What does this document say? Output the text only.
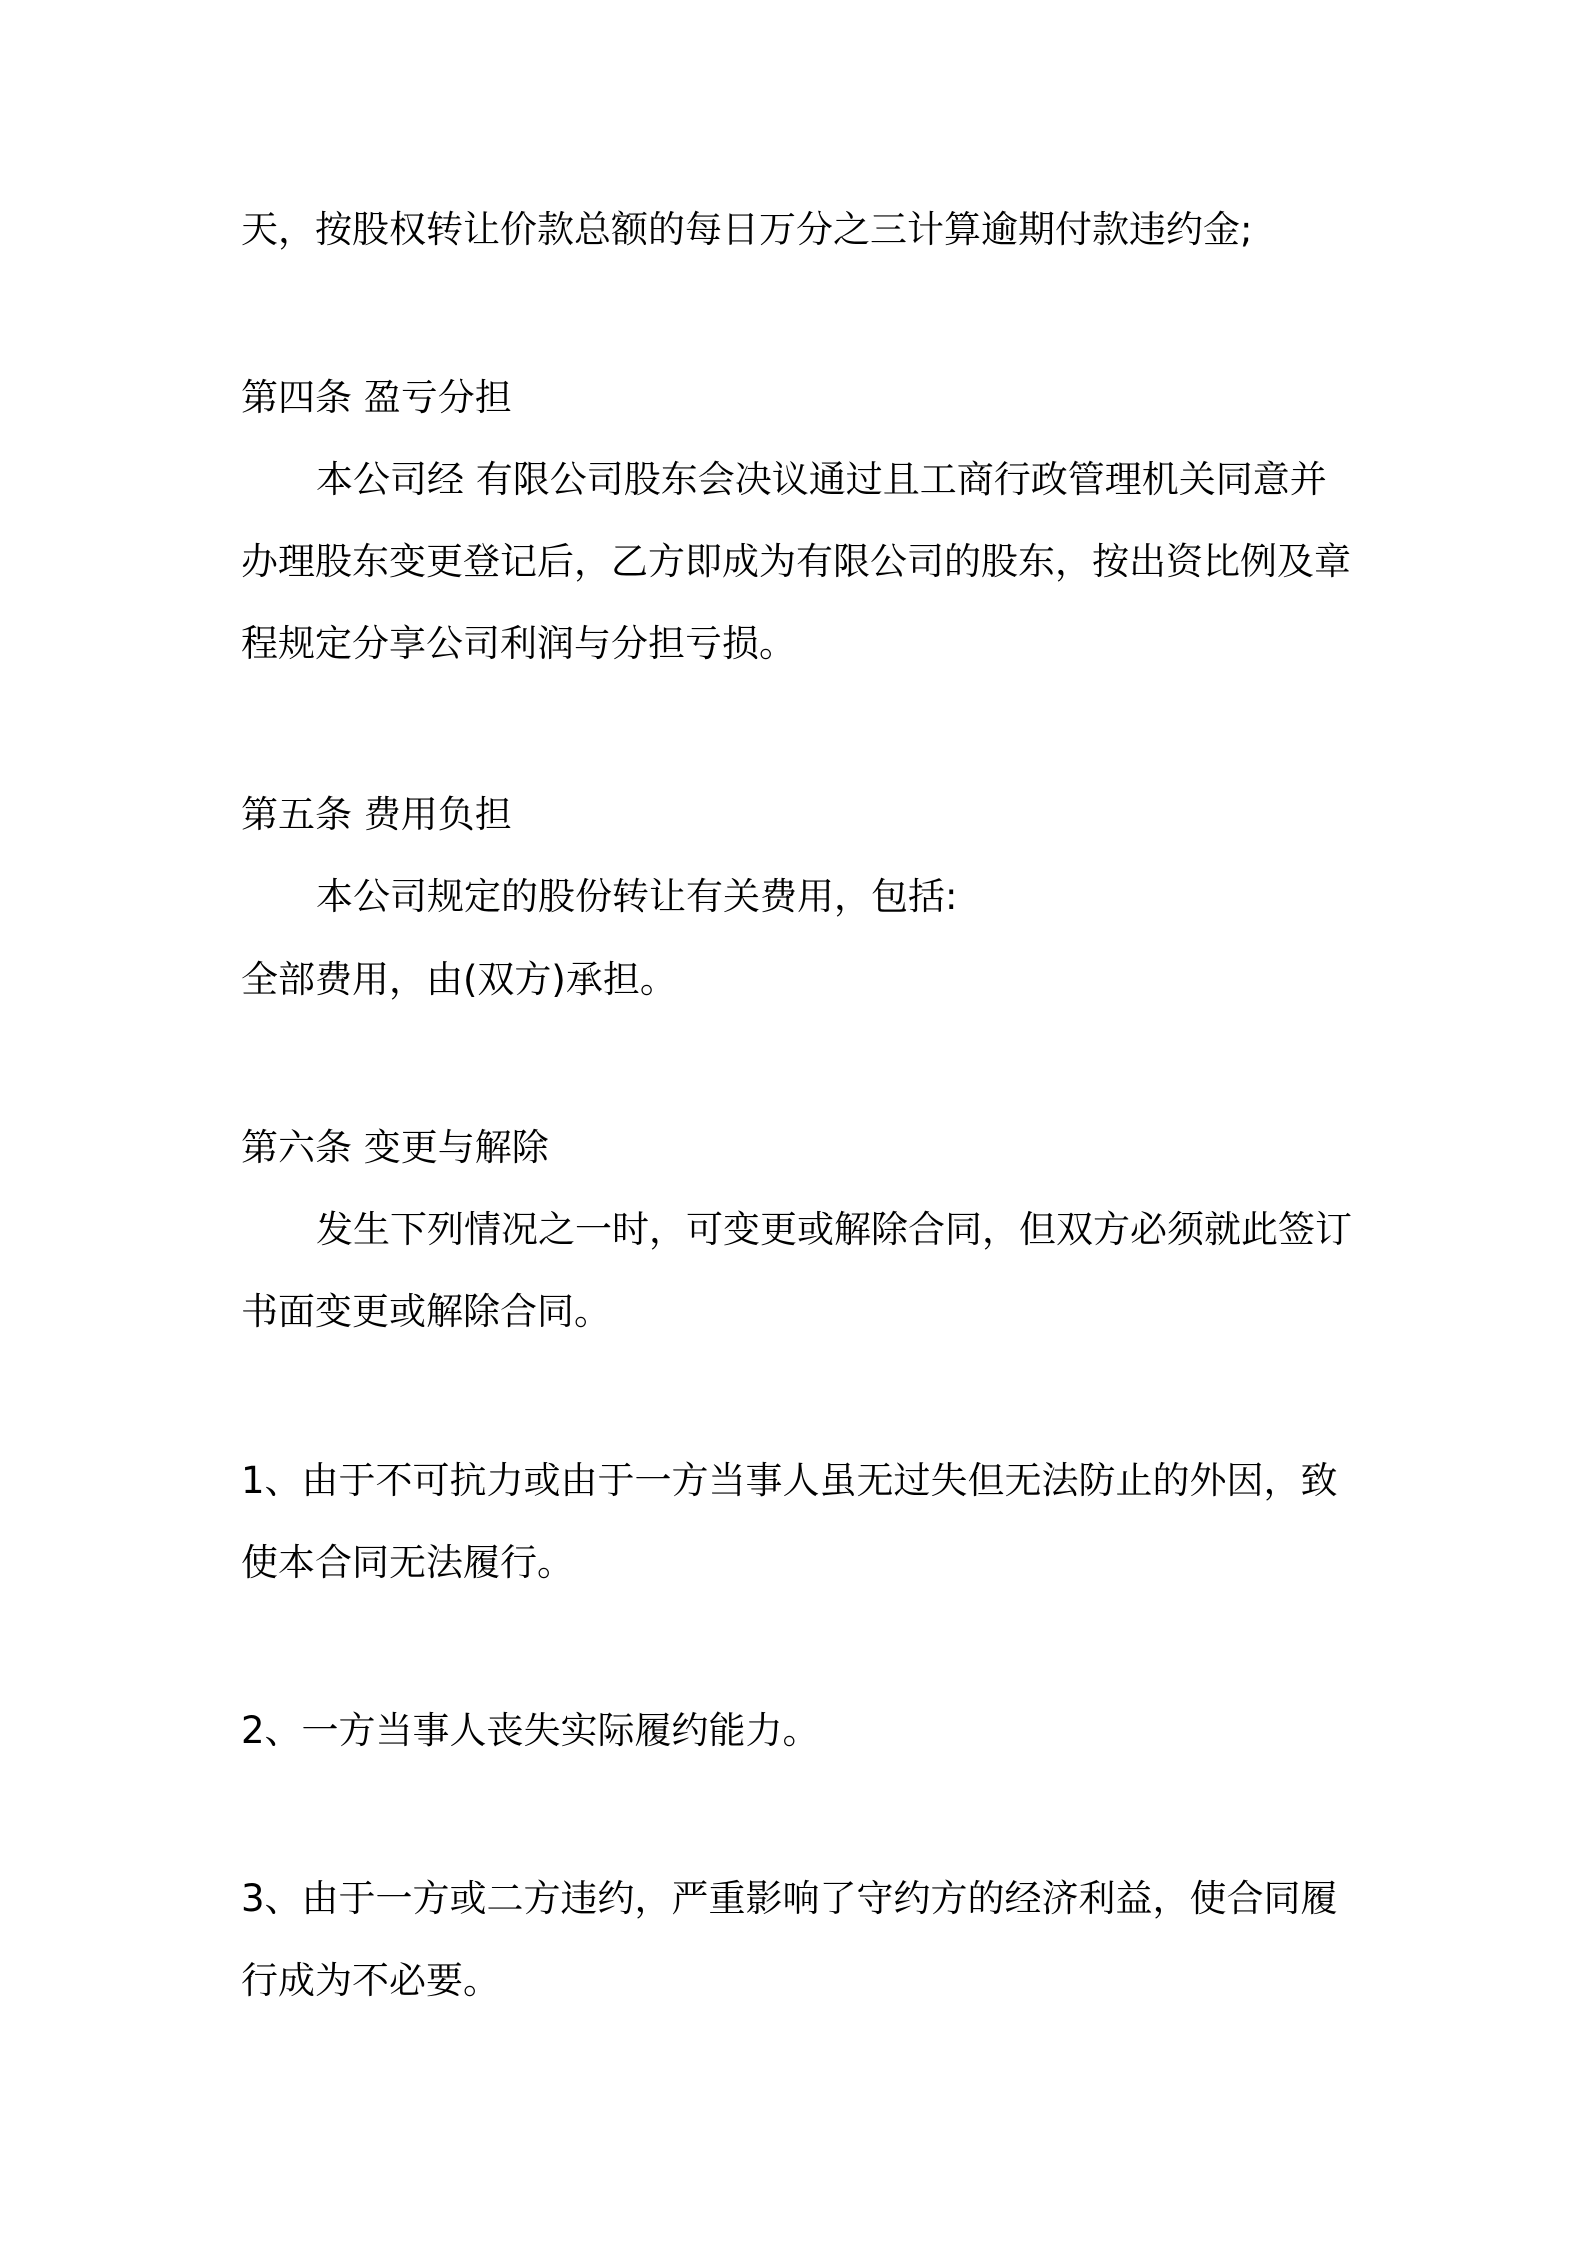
天，按股权转让价款总额的每日万分之三计算逾期付款违约金;
第四条 盈亏分担
本公司经 有限公司股东会决议通过且工商行政管理机关同意并
办理股东变更登记后，乙方即成为有限公司的股东，按出资比例及章
程规定分享公司利润与分担亏损。
第五条 费用负担
本公司规定的股份转让有关费用，包括:
全部费用，由(双方)承担。
第六条 变更与解除
发生下列情况之一时，可变更或解除合同，但双方必须就此签订
书面变更或解除合同。
1、由于不可抗力或由于一方当事人虽无过失但无法防止的外因，致
使本合同无法履行。
2、一方当事人丧失实际履约能力。
3、由于一方或二方违约，严重影响了守约方的经济利益，使合同履
行成为不必要。
